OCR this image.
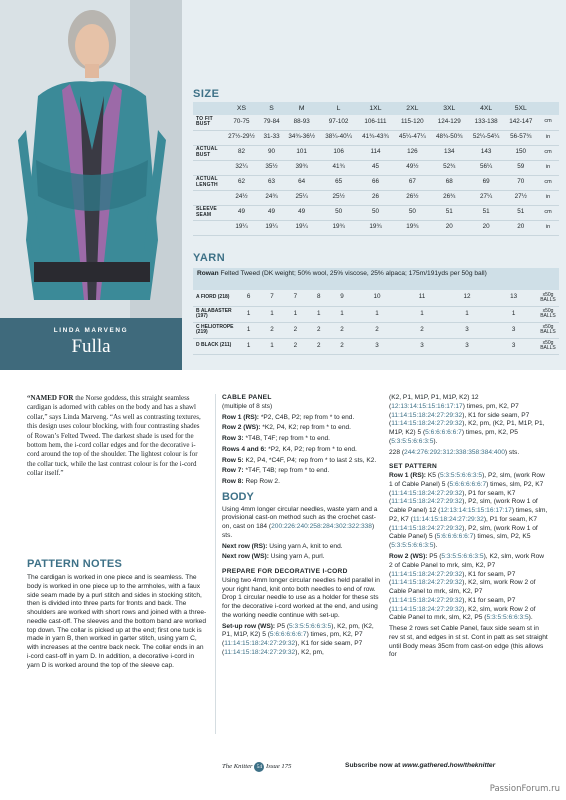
LINDA MARVENG
Fulla
SIZE
	XS	S	M	L	1XL	2XL	3XL	4XL	5XL	
TO FIT BUST	70-75	79-84	88-93	97-102	106-111	115-120	124-129	133-138	142-147	cm
	27½-29½	31-33	34¾-36½	38¼-40¼	41¾-43¾	45¼-47¼	48¾-50¾	52¼-54¼	56-57¾	in
ACTUAL BUST	82	90	101	106	114	126	134	143	150	cm
	32¼	35½	39¾	41¾	45	49½	52¾	56¼	59	in
ACTUAL LENGTH	62	63	64	65	66	67	68	69	70	cm
	24½	24¾	25¼	25½	26	26½	26¾	27¼	27½	in
SLEEVE SEAM	49	49	49	50	50	50	51	51	51	cm
	19¼	19¼	19¼	19¾	19¾	19¾	20	20	20	in
YARN
Rowan Felted Tweed (DK weight; 50% wool, 25% viscose, 25% alpaca; 175m/191yds per 50g ball)
A FIORD (218)	6	7	7	8	9	10	11	12	13	x50g BALLS
B ALABASTER (197)	1	1	1	1	1	1	1	1	1	x50g BALLS
C HELIOTROPE (219)	1	2	2	2	2	2	2	3	3	x50g BALLS
D BLACK (211)	1	1	2	2	2	3	3	3	3	x50g BALLS
“NAMED FOR the Norse goddess, this straight seamless cardigan is adorned with cables on the body and has a shawl collar,” says Linda Marveng. “As well as contrasting textures, this design uses colour blocking, with four contrasting shades of Rowan’s Felted Tweed. The darkest shade is used for the bottom hem, the i-cord collar edges and for the decorative i-cord around the top of the shoulder. The lightest colour is for the collar tuck, while the last contrast colour is for the i-cord collar itself.”
PATTERN NOTES
The cardigan is worked in one piece and is seamless. The body is worked in one piece up to the armholes, with a faux side seam made by a purl stitch and sides in stocking stitch, then is divided into three parts for fronts and back. The shoulders are worked with short rows and joined with a three-needle cast-off. The sleeves and the bottom band are worked top down. The collar is picked up at the end; first one tuck is made in yarn B, then worked in garter stitch, using yarn C, with increases at the centre back neck. The collar ends in an i-cord cast-off in yarn D. In addition, a decorative i-cord in yarn D is worked around the top of the sleeve cap.
CABLE PANEL

(multiple of 8 sts)

Row 1 (RS): *P2, C4B, P2; rep from * to end.

Row 2 (WS): *K2, P4, K2; rep from * to end.

Row 3: *T4B, T4F; rep from * to end.

Rows 4 and 6: *P2, K4, P2; rep from * to end.

Row 5: K2, P4, *C4F, P4; rep from * to last 2 sts, K2.

Row 7: *T4F, T4B; rep from * to end.

Row 8: Rep Row 2.

BODY

Using 4mm longer circular needles, waste yarn and a provisional cast-on method such as the crochet cast-on, cast on 184 (200:226:240:258:284:302:322:338) sts.

Next row (RS): Using yarn A, knit to end.

Next row (WS): Using yarn A, purl.

PREPARE FOR DECORATIVE I-CORD

Using two 4mm longer circular needles held parallel in your right hand, knit onto both needles to end of row. Drop 1 circular needle to use as a holder for these sts for the decorative i-cord worked at the end, and using the working needle continue with set-up.

Set-up row (WS): P5 (5:3:5:5:6:6:3:5), K2, pm, (K2, P1, M1P, K2) 5 (5:6:6:6:6:6:7) times, pm, K2, P7 (11:14:15:18:24:27:29:32), K1 for side seam, P7 (11:14:15:18:24:27:29:32), K2, pm,

(K2, P1, M1P, P1, M1P, K2) 12 (12:13:14:15:15:16:17:17) times, pm, K2, P7 (11:14:15:18:24:27:29:32), K1 for side seam, P7 (11:14:15:18:24:27:29:32), K2, pm, (K2, P1, M1P, P1, M1P, K2) 5 (5:6:6:6:6:6:7) times, pm, K2, P5 (5:3:5:5:6:6:3:5).

228 (244:276:292:312:338:358:384:400) sts.

SET PATTERN

Row 1 (RS): K5 (5:3:5:5:6:6:3:5), P2, slm, (work Row 1 of Cable Panel) 5 (5:6:6:6:6:6:7) times, slm, P2, K7 (11:14:15:18:24:27:29:32), P1 for seam, K7 (11:14:15:18:24:27:29:32), P2, slm, (work Row 1 of Cable Panel) 12 (12:13:14:15:15:16:17:17) times, slm, P2, K7 (11:14:15:18:24:27:29:32), P1 for seam, K7 (11:14:15:18:24:27:29:32), P2, slm, (work Row 1 of Cable Panel) 5 (5:6:6:6:6:6:7) times, slm, P2, K5 (5:3:5:5:6:6:3:5).

Row 2 (WS): P5 (5:3:5:5:6:6:3:5), K2, slm, work Row 2 of Cable Panel to mrk, slm, K2, P7 (11:14:15:18:24:27:29:32), K1 for seam, P7 (11:14:15:18:24:27:29:32), K2, slm, work Row 2 of Cable Panel to mrk, slm, K2, P7 (11:14:15:18:24:27:29:32), K1 for seam, P7 (11:14:15:18:24:27:29:32), K2, slm, work Row 2 of Cable Panel to mrk, slm, K2, P5 (5:3:5:5:6:6:3:5).

These 2 rows set Cable Panel, faux side seam st in rev st st, and edges in st st. Cont in patt as set straight until Body meas 35cm from cast-on edge (this allows for

The Knitter 54 Issue 175	Subscribe now at www.gathered.how/theknitter
PassionForum.ru
